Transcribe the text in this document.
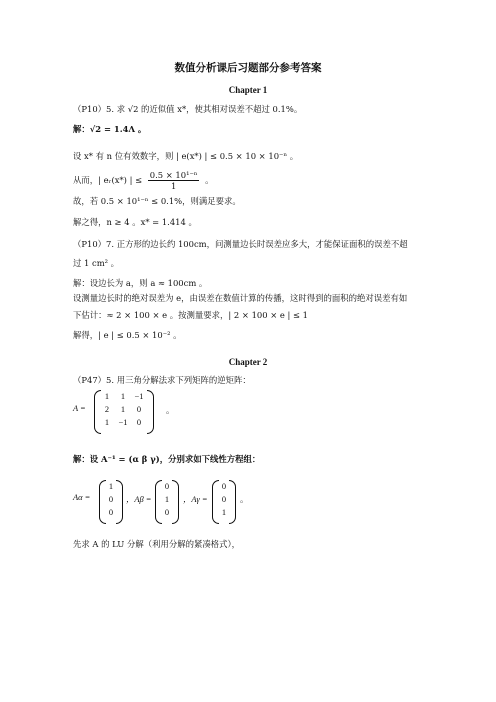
数值分析课后习题部分参考答案
Chapter 1
（P10）5. 求 √2 的近似值 x*，使其相对误差不超过 0.1%。
解：√2 = 1.4Λ 。
设 x* 有 n 位有效数字，则 | e(x*) | ≤ 0.5 × 10 × 10⁻ⁿ 。
从而，| eᵣ(x*) | ≤ $\frac{\text{0.5 × 10¹⁻ⁿ}}{1}$ 。
故，若 0.5 × 10¹⁻ⁿ ≤ 0.1%，则满足要求。
解之得，n ≥ 4 。x* = 1.414 。
（P10）7. 正方形的边长约 100cm，问测量边长时误差应多大，才能保证面积的误差不超
过 1 cm² 。
解：设边长为 a，则 a ≈ 100cm 。
设测量边长时的绝对误差为 e，由误差在数值计算的传播，这时得到的面积的绝对误差有如
下估计：≈ 2 × 100 × e 。按测量要求，| 2 × 100 × e | ≤ 1
解得，| e | ≤ 0.5 × 10⁻² 。
Chapter 2
（P47）5. 用三角分解法求下列矩阵的逆矩阵：
A =
1	1	−1
2	1	0
1	−1	0
。
解：设 A⁻¹ = (α β γ)，分别求如下线性方程组：
Aα =
1
0
0
，Aβ =
0
1
0
，Aγ =
0
0
1
。
先求 A 的 LU 分解（利用分解的紧凑格式），
